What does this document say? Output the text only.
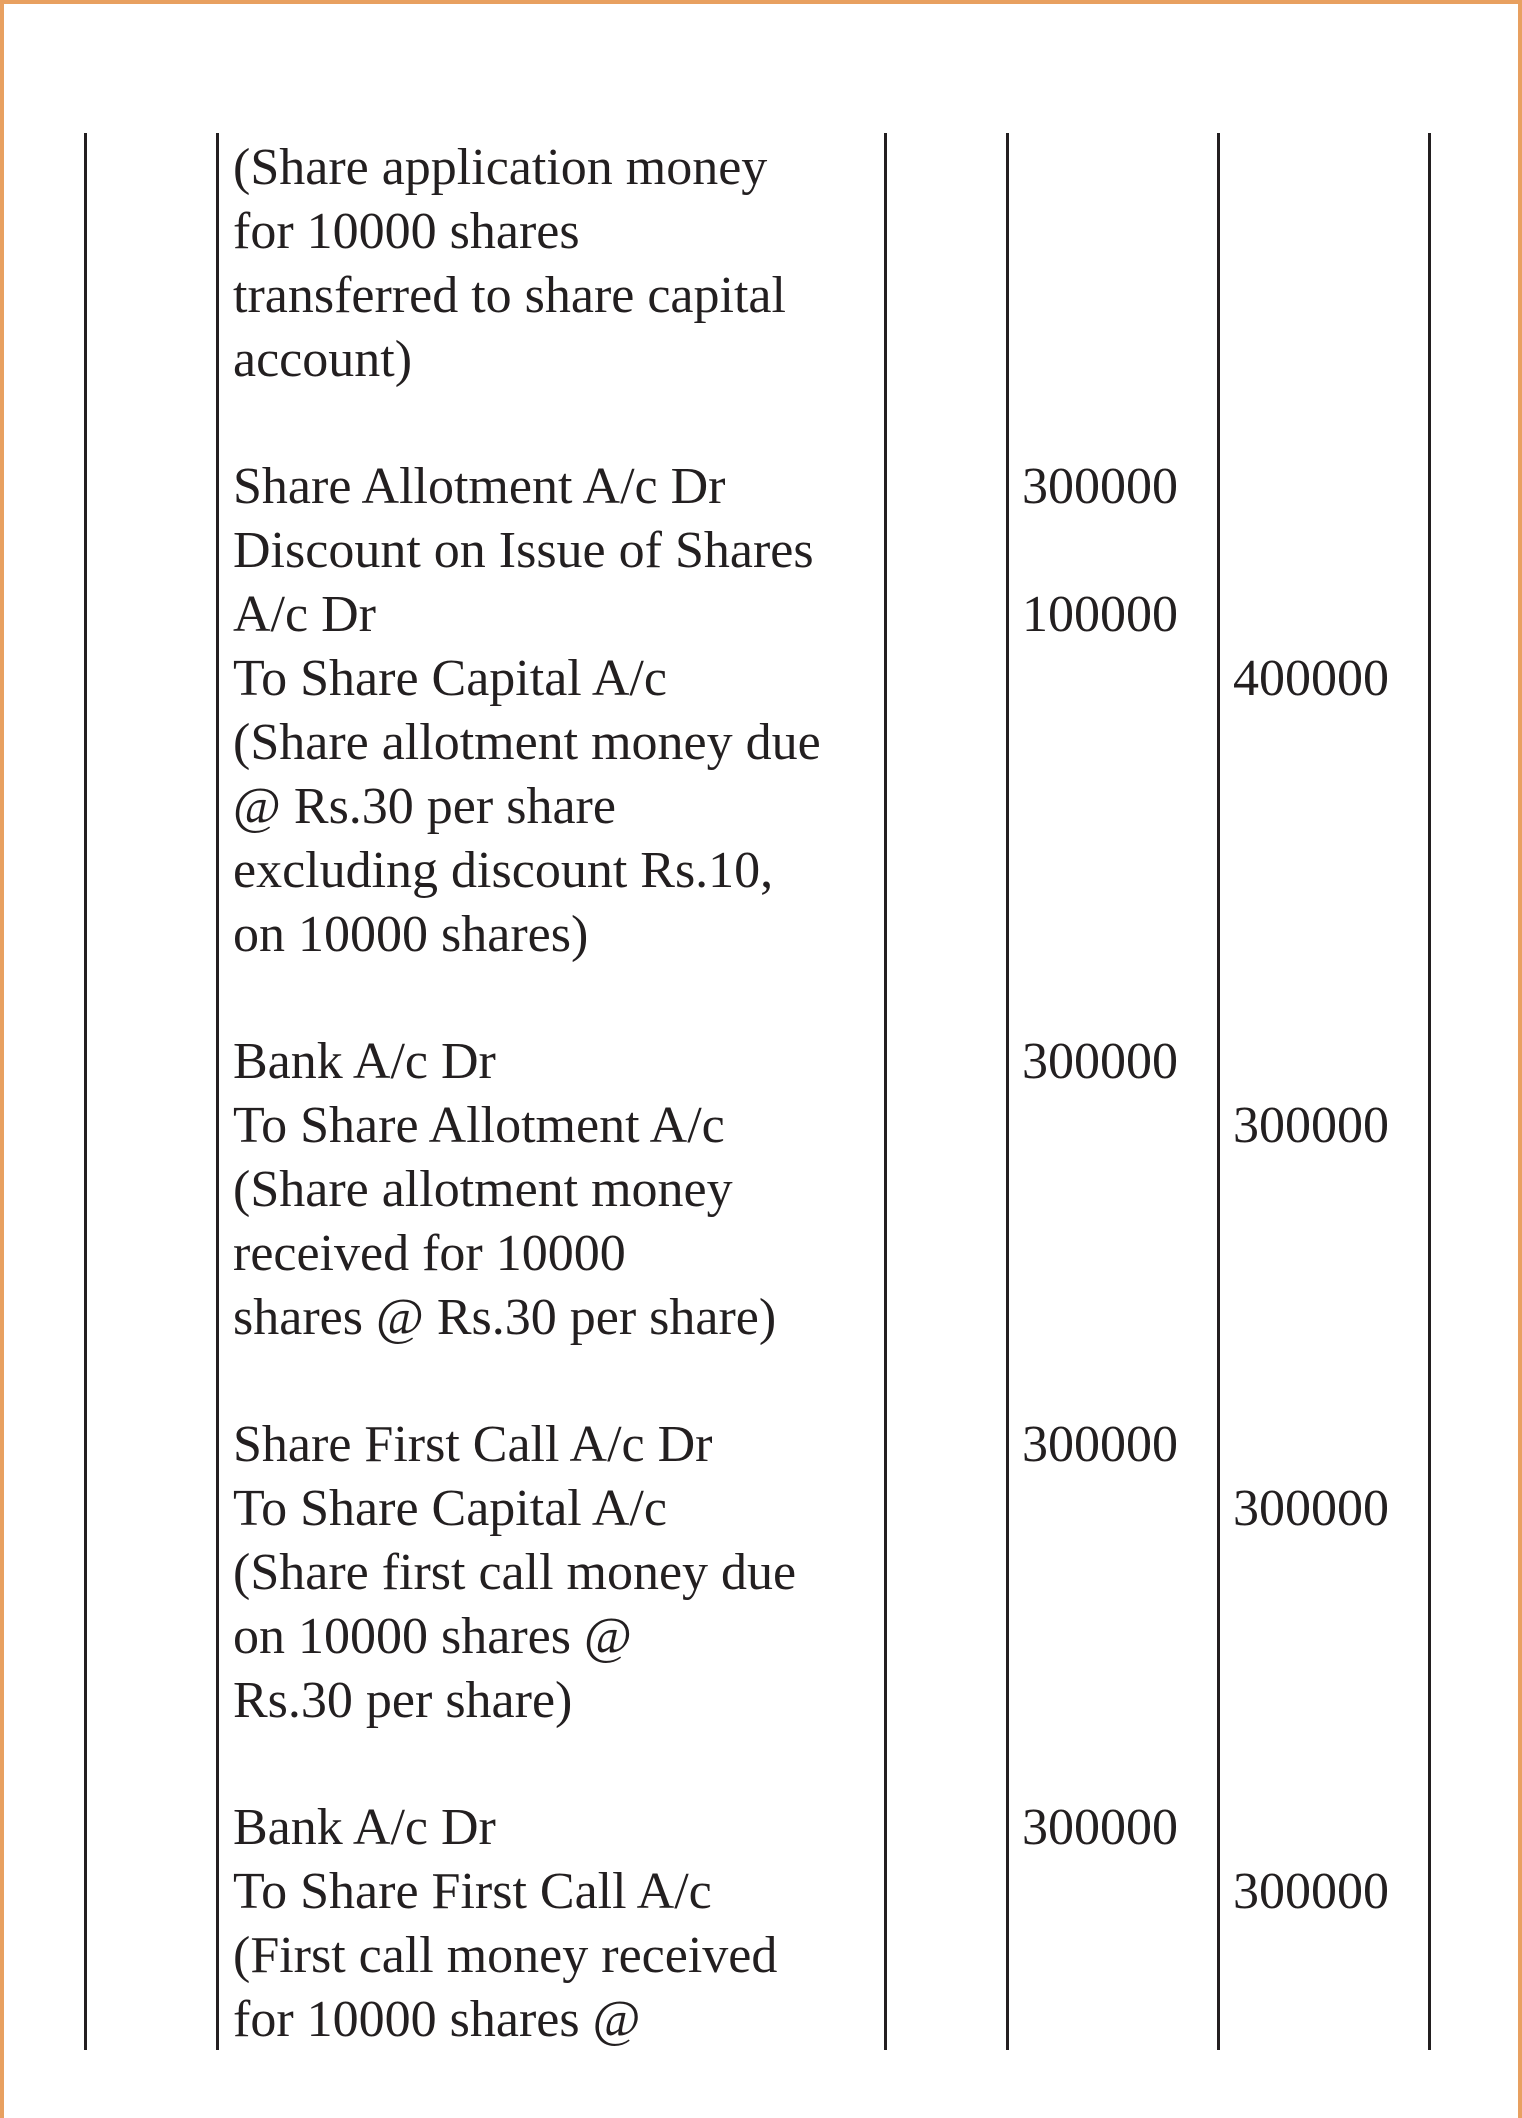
(Share application money
for 10000 shares
transferred to share capital
account)
Share Allotment A/c Dr
Discount on Issue of Shares
A/c Dr
To Share Capital A/c
(Share allotment money due
@ Rs.30 per share
excluding discount Rs.10,
on 10000 shares)
300000
100000
400000
Bank A/c Dr
To Share Allotment A/c
(Share allotment money
received for 10000
shares @ Rs.30 per share)
300000
300000
Share First Call A/c Dr
To Share Capital A/c
(Share first call money due
on 10000 shares @
Rs.30 per share)
300000
300000
Bank A/c Dr
To Share First Call A/c
(First call money received
for 10000 shares @
300000
300000
